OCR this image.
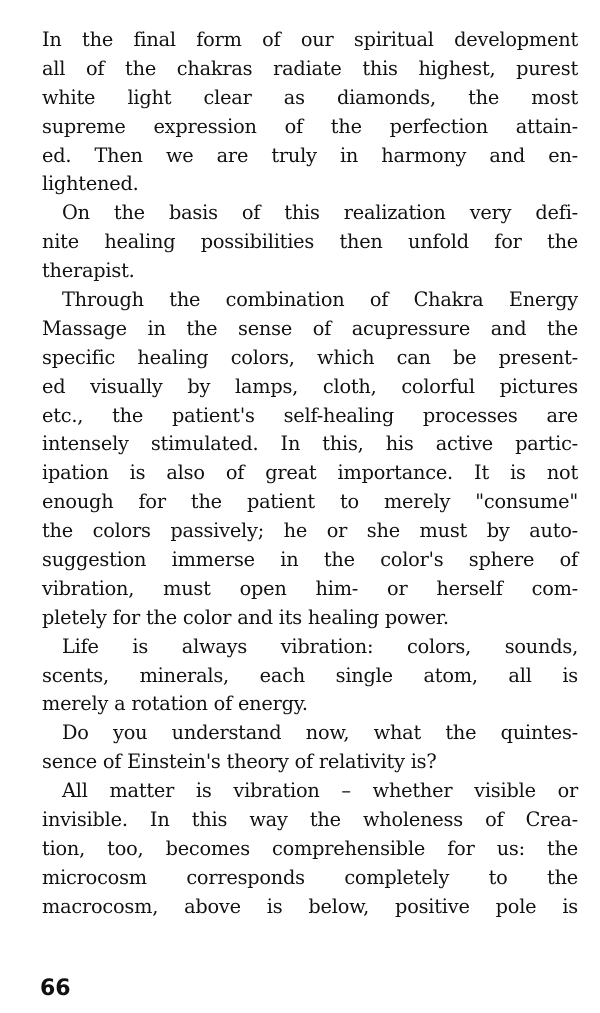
In the final form of our spiritual development
all of the chakras radiate this highest, purest
white light clear as diamonds, the most
supreme expression of the perfection attain-
ed. Then we are truly in harmony and en-
lightened.
On the basis of this realization very defi-
nite healing possibilities then unfold for the
therapist.
Through the combination of Chakra Energy
Massage in the sense of acupressure and the
specific healing colors, which can be present-
ed visually by lamps, cloth, colorful pictures
etc., the patient's self-healing processes are
intensely stimulated. In this, his active partic-
ipation is also of great importance. It is not
enough for the patient to merely "consume"
the colors passively; he or she must by auto-
suggestion immerse in the color's sphere of
vibration, must open him- or herself com-
pletely for the color and its healing power.
Life is always vibration: colors, sounds,
scents, minerals, each single atom, all is
merely a rotation of energy.
Do you understand now, what the quintes-
sence of Einstein's theory of relativity is?
All matter is vibration – whether visible or
invisible. In this way the wholeness of Crea-
tion, too, becomes comprehensible for us: the
microcosm corresponds completely to the
macrocosm, above is below, positive pole is
66
